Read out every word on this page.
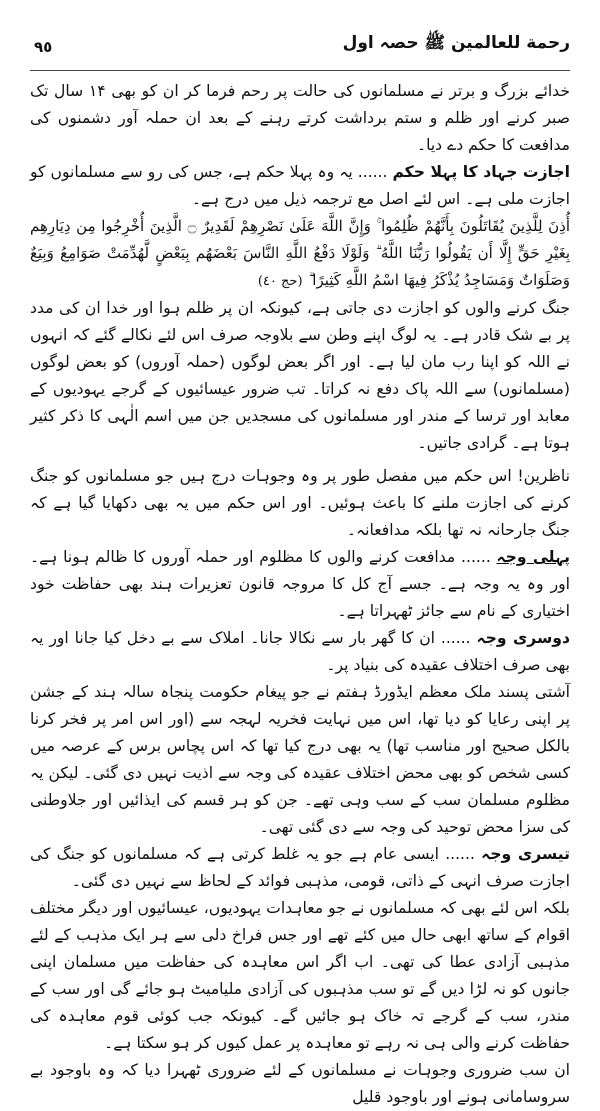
٩٥	رحمة للعالمین ﷺ حصہ اول

خدائے بزرگ و برتر نے مسلمانوں کی حالت پر رحم فرما کر ان کو بھی ۱۴ سال تک صبر کرنے اور ظلم و ستم برداشت کرتے رہنے کے بعد ان حملہ آور دشمنوں کی مدافعت کا حکم دے دیا۔

اجازت جہاد کا پہلا حکم ...... یہ وہ پہلا حکم ہے، جس کی رو سے مسلمانوں کو اجازت ملی ہے۔ اس لئے اصل مع ترجمہ ذیل میں درج ہے۔

أُذِنَ لِلَّذِينَ يُقَاتَلُونَ بِأَنَّهُمْ ظُلِمُوا ۚ وَإِنَّ اللَّهَ عَلَىٰ نَصْرِهِمْ لَقَدِيرٌ ۝ الَّذِينَ أُخْرِجُوا مِن دِيَارِهِم بِغَيْرِ حَقٍّ إِلَّا أَن يَقُولُوا رَبُّنَا اللَّهُ ۗ وَلَوْلَا دَفْعُ اللَّهِ النَّاسَ بَعْضَهُم بِبَعْضٍ لَّهُدِّمَتْ صَوَامِعُ وَبِيَعٌ وَصَلَوَاتٌ وَمَسَاجِدُ يُذْكَرُ فِيهَا اسْمُ اللَّهِ كَثِيرًا ۗ(حج ٤٠)

جنگ کرنے والوں کو اجازت دی جاتی ہے، کیونکہ ان پر ظلم ہوا اور خدا ان کی مدد پر بے شک قادر ہے۔ یہ لوگ اپنے وطن سے بلاوجہ صرف اس لئے نکالے گئے کہ انہوں نے اللہ کو اپنا رب مان لیا ہے۔ اور اگر بعض لوگوں (حملہ آوروں) کو بعض لوگوں (مسلمانوں) سے اللہ پاک دفع نہ کراتا۔ تب ضرور عیسائیوں کے گرجے یہودیوں کے معابد اور ترسا کے مندر اور مسلمانوں کی مسجدیں جن میں اسم الٰہی کا ذکر کثیر ہوتا ہے۔ گرادی جاتیں۔

ناظرین! اس حکم میں مفصل طور پر وہ وجوہات درج ہیں جو مسلمانوں کو جنگ کرنے کی اجازت ملنے کا باعث ہوئیں۔ اور اس حکم میں یہ بھی دکھایا گیا ہے کہ جنگ جارحانہ نہ تھا بلکہ مدافعانہ۔

پہلی وجہ ...... مدافعت کرنے والوں کا مظلوم اور حملہ آوروں کا ظالم ہونا ہے۔ اور وہ یہ وجہ ہے۔ جسے آج کل کا مروجہ قانون تعزیرات ہند بھی حفاظت خود اختیاری کے نام سے جائز ٹھہراتا ہے۔

دوسری وجہ ...... ان کا گھر بار سے نکالا جانا۔ املاک سے بے دخل کیا جانا اور یہ بھی صرف اختلاف عقیدہ کی بنیاد پر۔

آشتی پسند ملک معظم ایڈورڈ ہفتم نے جو پیغام حکومت پنجاہ سالہ ہند کے جشن پر اپنی رعایا کو دیا تھا، اس میں نہایت فخریہ لہجہ سے (اور اس امر پر فخر کرنا بالکل صحیح اور مناسب تھا) یہ بھی درج کیا تھا کہ اس پچاس برس کے عرصہ میں کسی شخص کو بھی محض اختلاف عقیدہ کی وجہ سے اذیت نہیں دی گئی۔ لیکن یہ مظلوم مسلمان سب کے سب وہی تھے۔ جن کو ہر قسم کی ایذائیں اور جلاوطنی کی سزا محض توحید کی وجہ سے دی گئی تھی۔

تیسری وجہ ...... ایسی عام ہے جو یہ غلط کرتی ہے کہ مسلمانوں کو جنگ کی اجازت صرف انہی کے ذاتی، قومی، مذہبی فوائد کے لحاظ سے نہیں دی گئی۔

بلکہ اس لئے بھی کہ مسلمانوں نے جو معاہدات یہودیوں، عیسائیوں اور دیگر مختلف اقوام کے ساتھ ابھی حال میں کئے تھے اور جس فراخ دلی سے ہر ایک مذہب کے لئے مذہبی آزادی عطا کی تھی۔ اب اگر اس معاہدہ کی حفاظت میں مسلمان اپنی جانوں کو نہ لڑا دیں گے تو سب مذہبوں کی آزادی ملیامیٹ ہو جائے گی اور سب کے مندر، سب کے گرجے تہ خاک ہو جائیں گے۔ کیونکہ جب کوئی قوم معاہدہ کی حفاظت کرنے والی ہی نہ رہے تو معاہدہ پر عمل کیوں کر ہو سکتا ہے۔

ان سب ضروری وجوہات نے مسلمانوں کے لئے ضروری ٹھہرا دیا کہ وہ باوجود بے سروسامانی ہونے اور باوجود قلیل
